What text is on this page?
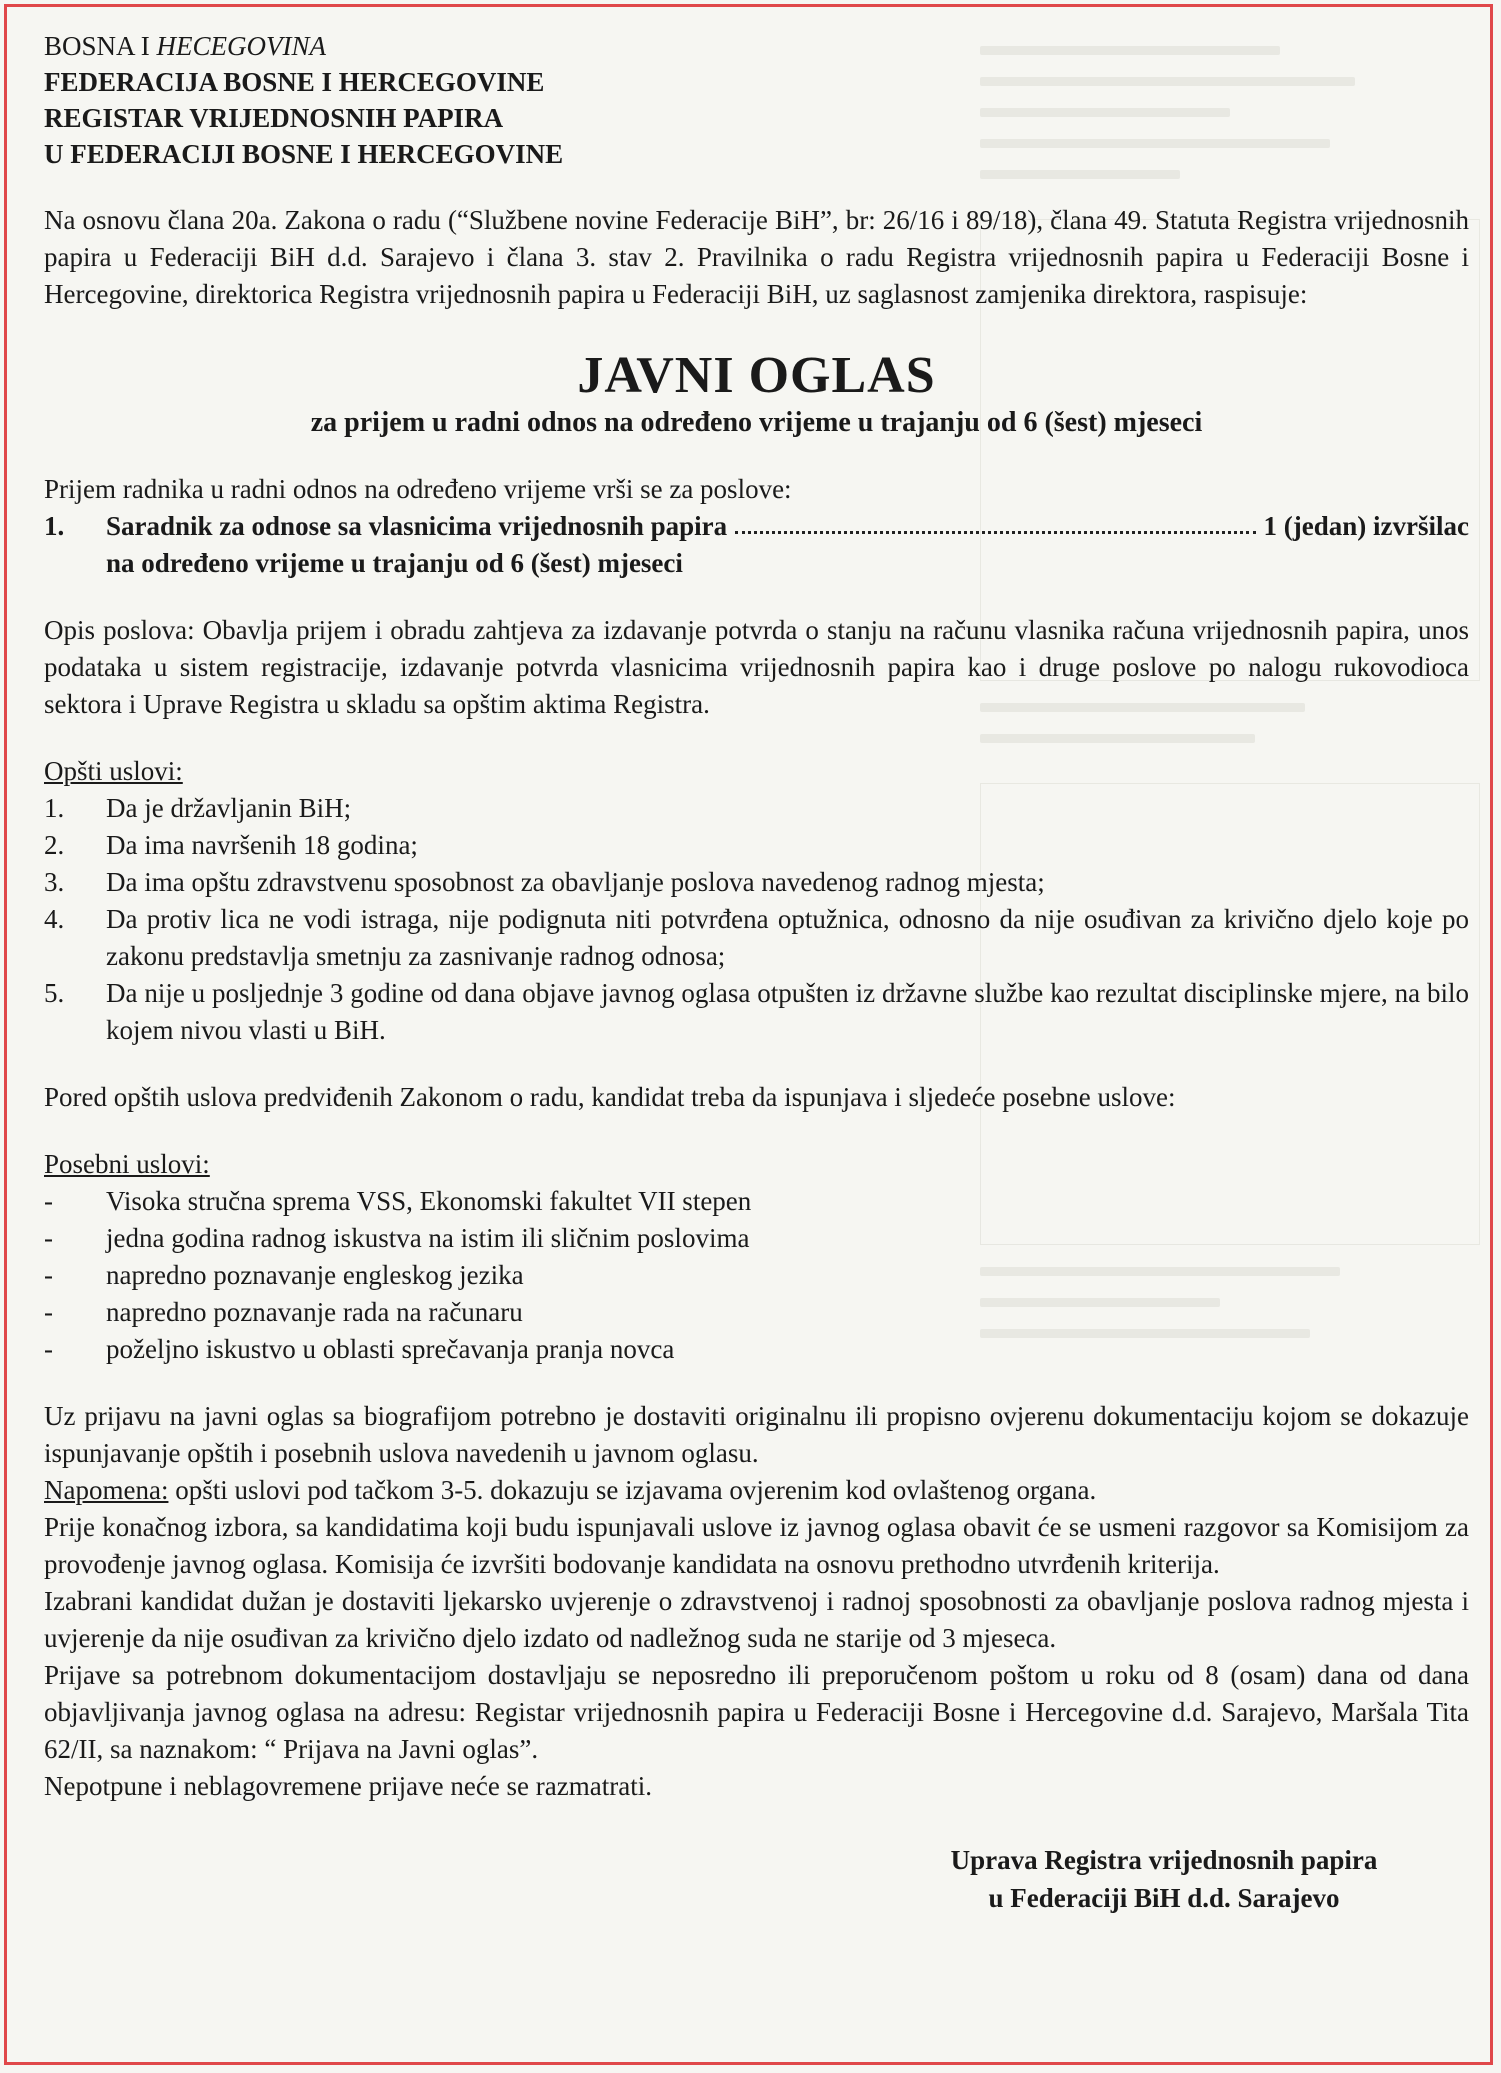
BOSNA I HECEGOVINA
FEDERACIJA BOSNE I HERCEGOVINE
REGISTAR VRIJEDNOSNIH PAPIRA
U FEDERACIJI BOSNE I HERCEGOVINE

Na osnovu člana 20a. Zakona o radu (“Službene novine Federacije BiH”, br: 26/16 i 89/18), člana 49. Statuta Registra vrijednosnih papira u Federaciji BiH d.d. Sarajevo i člana 3. stav 2. Pravilnika o radu Registra vrijednosnih papira u Federaciji Bosne i Hercegovine, direktorica Registra vrijednosnih papira u Federaciji BiH, uz saglasnost zamjenika direktora, raspisuje:

JAVNI OGLAS
za prijem u radni odnos na određeno vrijeme u trajanju od 6 (šest) mjeseci

Prijem radnika u radni odnos na određeno vrijeme vrši se za poslove:

1.	Saradnik za odnose sa vlasnicima vrijednosnih papira	1 (jedan) izvršilac
na određeno vrijeme u trajanju od 6 (šest) mjeseci

Opis poslova: Obavlja prijem i obradu zahtjeva za izdavanje potvrda o stanju na računu vlasnika računa vrijednosnih papira, unos podataka u sistem registracije, izdavanje potvrda vlasnicima vrijednosnih papira kao i druge poslove po nalogu rukovodioca sektora i Uprave Registra u skladu sa opštim aktima Registra.

Opšti uslovi:
1.	Da je državljanin BiH;
2.	Da ima navršenih 18 godina;
3.	Da ima opštu zdravstvenu sposobnost za obavljanje poslova navedenog radnog mjesta;
4.	Da protiv lica ne vodi istraga, nije podignuta niti potvrđena optužnica, odnosno da nije osuđivan za krivično djelo koje po zakonu predstavlja smetnju za zasnivanje radnog odnosa;
5.	Da nije u posljednje 3 godine od dana objave javnog oglasa otpušten iz državne službe kao rezultat disciplinske mjere, na bilo kojem nivou vlasti u BiH.

Pored opštih uslova predviđenih Zakonom o radu, kandidat treba da ispunjava i sljedeće posebne uslove:

Posebni uslovi:
-	Visoka stručna sprema VSS, Ekonomski fakultet VII stepen
-	jedna godina radnog iskustva na istim ili sličnim poslovima
-	napredno poznavanje engleskog jezika
-	napredno poznavanje rada na računaru
-	poželjno iskustvo u oblasti sprečavanja pranja novca

Uz prijavu na javni oglas sa biografijom potrebno je dostaviti originalnu ili propisno ovjerenu dokumentaciju kojom se dokazuje ispunjavanje opštih i posebnih uslova navedenih u javnom oglasu.

Napomena: opšti uslovi pod tačkom 3-5. dokazuju se izjavama ovjerenim kod ovlaštenog organa.

Prije konačnog izbora, sa kandidatima koji budu ispunjavali uslove iz javnog oglasa obavit će se usmeni razgovor sa Komisijom za provođenje javnog oglasa. Komisija će izvršiti bodovanje kandidata na osnovu prethodno utvrđenih kriterija.

Izabrani kandidat dužan je dostaviti ljekarsko uvjerenje o zdravstvenoj i radnoj sposobnosti za obavljanje poslova radnog mjesta i uvjerenje da nije osuđivan za krivično djelo izdato od nadležnog suda ne starije od 3 mjeseca.

Prijave sa potrebnom dokumentacijom dostavljaju se neposredno ili preporučenom poštom u roku od 8 (osam) dana od dana objavljivanja javnog oglasa na adresu: Registar vrijednosnih papira u Federaciji Bosne i Hercegovine d.d. Sarajevo, Maršala Tita 62/II, sa naznakom: “ Prijava na Javni oglas”.

Nepotpune i neblagovremene prijave neće se razmatrati.

Uprava Registra vrijednosnih papira
u Federaciji BiH d.d. Sarajevo
